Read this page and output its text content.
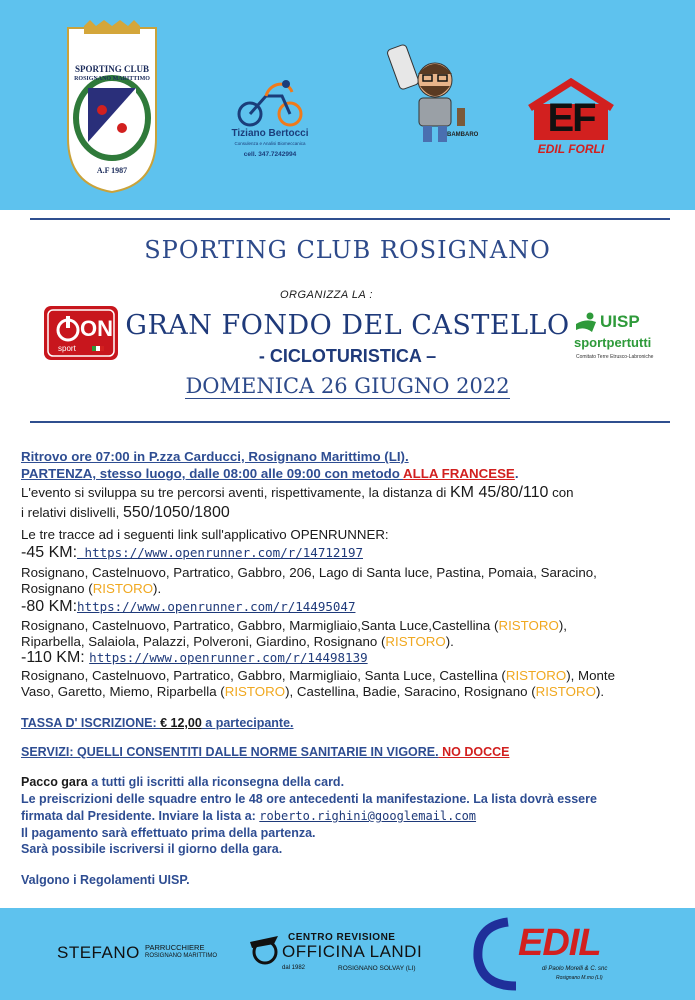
SPORTING CLUB
ROSIGNANO MARITTIMO
A.F 1987
Tiziano Bertocci
Consulenza e Analisi Biomeccanica
cell. 347.7242994
BAMBARO	EF
EDIL FORLI
SPORTING CLUB ROSIGNANO
ORGANIZZA LA :
ON
sport
GRAN FONDO DEL CASTELLO	UISP
sportpertutti
Comitato Terre Etrusco-Labroniche
- CICLOTURISTICA –
DOMENICA 26 GIUGNO 2022
Ritrovo ore 07:00 in P.zza Carducci, Rosignano Marittimo (LI).
PARTENZA, stesso luogo, dalle 08:00 alle 09:00 con metodo ALLA FRANCESE.
L'evento si sviluppa su tre percorsi aventi, rispettivamente, la distanza di KM 45/80/110 con
i relativi dislivelli, 550/1050/1800
Le tre tracce ad i seguenti link sull'applicativo OPENRUNNER:
-45 KM: https://www.openrunner.com/r/14712197
Rosignano, Castelnuovo, Partratico, Gabbro, 206, Lago di Santa luce, Pastina, Pomaia, Saracino,
Rosignano (RISTORO).
-80 KM:https://www.openrunner.com/r/14495047
Rosignano, Castelnuovo, Partratico, Gabbro, Marmigliaio,Santa Luce,Castellina (RISTORO),
Riparbella, Salaiola, Palazzi, Polveroni, Giardino, Rosignano (RISTORO).
-110 KM: https://www.openrunner.com/r/14498139
Rosignano, Castelnuovo, Partratico, Gabbro, Marmigliaio, Santa Luce, Castellina (RISTORO), Monte
Vaso, Garetto, Miemo, Riparbella (RISTORO), Castellina, Badie, Saracino, Rosignano (RISTORO).
TASSA D' ISCRIZIONE: € 12,00 a partecipante.
SERVIZI: QUELLI CONSENTITI DALLE NORME SANITARIE IN VIGORE. NO DOCCE
Pacco gara a tutti gli iscritti alla riconsegna della card.
Le preiscrizioni delle squadre entro le 48 ore antecedenti la manifestazione. La lista dovrà essere
firmata dal Presidente. Inviare la lista a: roberto.righini@googlemail.com
Il pagamento sarà effettuato prima della partenza.
Sarà possibile iscriversi il giorno della gara.
Valgono i Regolamenti UISP.
STEFANO PARRUCCHIERE
ROSIGNANO MARITTIMO
CENTRO REVISIONE
OFFICINA LANDI
dal 1982	ROSIGNANO SOLVAY (LI)
EDIL
di Paolo Morelli & C. snc
Rosignano M.mo (LI)
